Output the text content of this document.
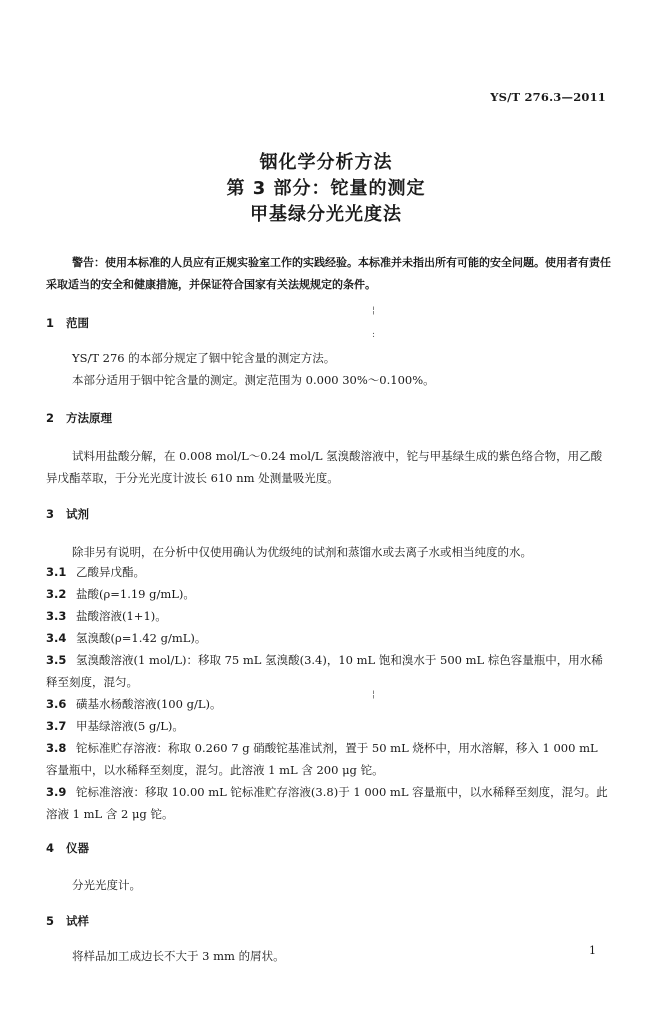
YS/T 276.3—2011
铟化学分析方法
第 3 部分：铊量的测定
甲基绿分光光度法
警告：使用本标准的人员应有正规实验室工作的实践经验。本标准并未指出所有可能的安全问题。使用者有责任采取适当的安全和健康措施，并保证符合国家有关法规规定的条件。
¦
:
1 范围
YS/T 276 的本部分规定了铟中铊含量的测定方法。
本部分适用于铟中铊含量的测定。测定范围为 0.000 30%～0.100%。
2 方法原理
试料用盐酸分解，在 0.008 mol/L～0.24 mol/L 氢溴酸溶液中，铊与甲基绿生成的紫色络合物，用乙酸异戊酯萃取，于分光光度计波长 610 nm 处测量吸光度。
3 试剂
除非另有说明，在分析中仅使用确认为优级纯的试剂和蒸馏水或去离子水或相当纯度的水。
3.1 乙酸异戊酯。
3.2 盐酸(ρ=1.19 g/mL)。
3.3 盐酸溶液(1+1)。
3.4 氢溴酸(ρ=1.42 g/mL)。
3.5 氢溴酸溶液(1 mol/L)：移取 75 mL 氢溴酸(3.4)，10 mL 饱和溴水于 500 mL 棕色容量瓶中，用水稀释至刻度，混匀。
3.6 磺基水杨酸溶液(100 g/L)。
¦
3.7 甲基绿溶液(5 g/L)。
3.8 铊标准贮存溶液：称取 0.260 7 g 硝酸铊基准试剂，置于 50 mL 烧杯中，用水溶解，移入 1 000 mL 容量瓶中，以水稀释至刻度，混匀。此溶液 1 mL 含 200 μg 铊。
3.9 铊标准溶液：移取 10.00 mL 铊标准贮存溶液(3.8)于 1 000 mL 容量瓶中，以水稀释至刻度，混匀。此溶液 1 mL 含 2 μg 铊。
4 仪器
分光光度计。
5 试样
将样品加工成边长不大于 3 mm 的屑状。	1
